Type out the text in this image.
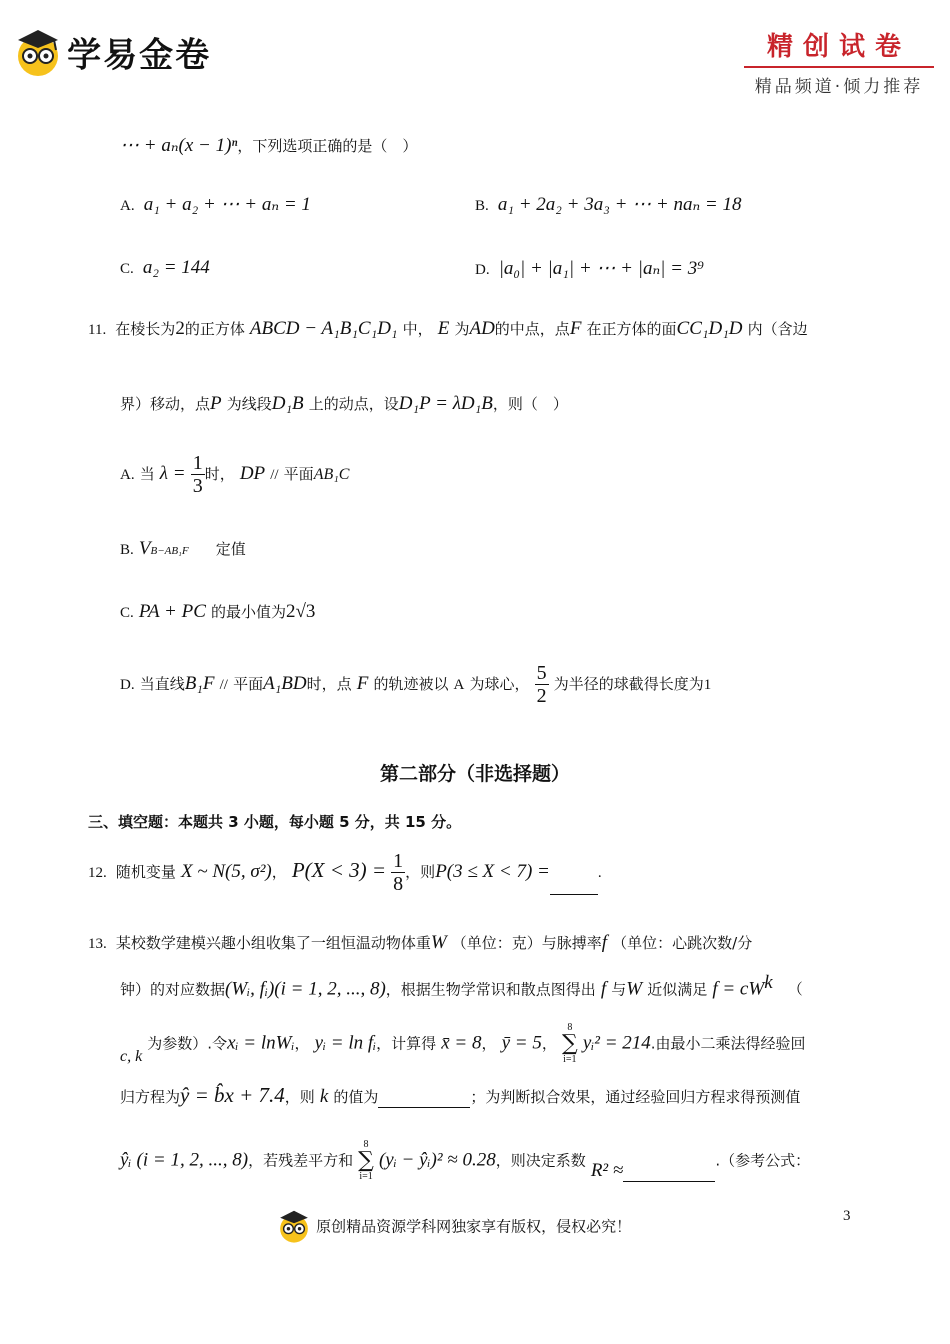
学易金卷	精创试卷
精品频道·倾力推荐
⋯ + aₙ(x − 1)ⁿ，下列选项正确的是（　）
A. a₁ + a₂ + ⋯ + aₙ = 1	B. a₁ + 2a₂ + 3a₃ + ⋯ + naₙ = 18
C. a₂ = 144	D. |a₀| + |a₁| + ⋯ + |aₙ| = 3⁹
11. 在棱长为2的正方体 ABCD − A₁B₁C₁D₁ 中， E 为AD的中点，点F 在正方体的面CC₁D₁D 内（含边
界）移动，点P 为线段D₁B 上的动点，设D₁P = λD₁B，则（　）
A. 当 $\lambda = \frac{1}{3}$ 时， DP // 平面AB₁C
B. VB−AB₁F 定值
C. PA + PC 的最小值为2√3
D. 当直线B₁F // 平面A₁BD时，点 F 的轨迹被以 A 为球心， $\frac{5}{2}$ 为半径的球截得长度为1
第二部分（非选择题）
三、填空题：本题共 3 小题，每小题 5 分，共 15 分。
12. 随机变量 X ~ N(5, σ²)， $P(X < 3) = \frac{1}{8}$ ，则P(3 ≤ X < 7) =	.
13. 某校数学建模兴趣小组收集了一组恒温动物体重W （单位：克）与脉搏率f （单位：心跳次数/分
钟）的对应数据(Wᵢ, fᵢ)(i = 1, 2, ..., 8)，根据生物学常识和散点图得出 f 与W 近似满足 $f = cW^k$ （
c, k 为参数）.令xᵢ = lnWᵢ， yᵢ = ln fᵢ，计算得 x̄ = 8， ȳ = 5，
8
∑
i=1
yᵢ² = 214.由最小二乘法得经验回
归方程为ŷ = b̂x + 7.4，则 k 的值为	；为判断拟合效果，通过经验回归方程求得预测值
ŷᵢ (i = 1, 2, ..., 8)，若残差平方和
8
∑
i=1
(yᵢ − ŷᵢ)² ≈ 0.28，则决定系数 R² ≈	.（参考公式：
原创精品资源学科网独家享有版权，侵权必究！
3
